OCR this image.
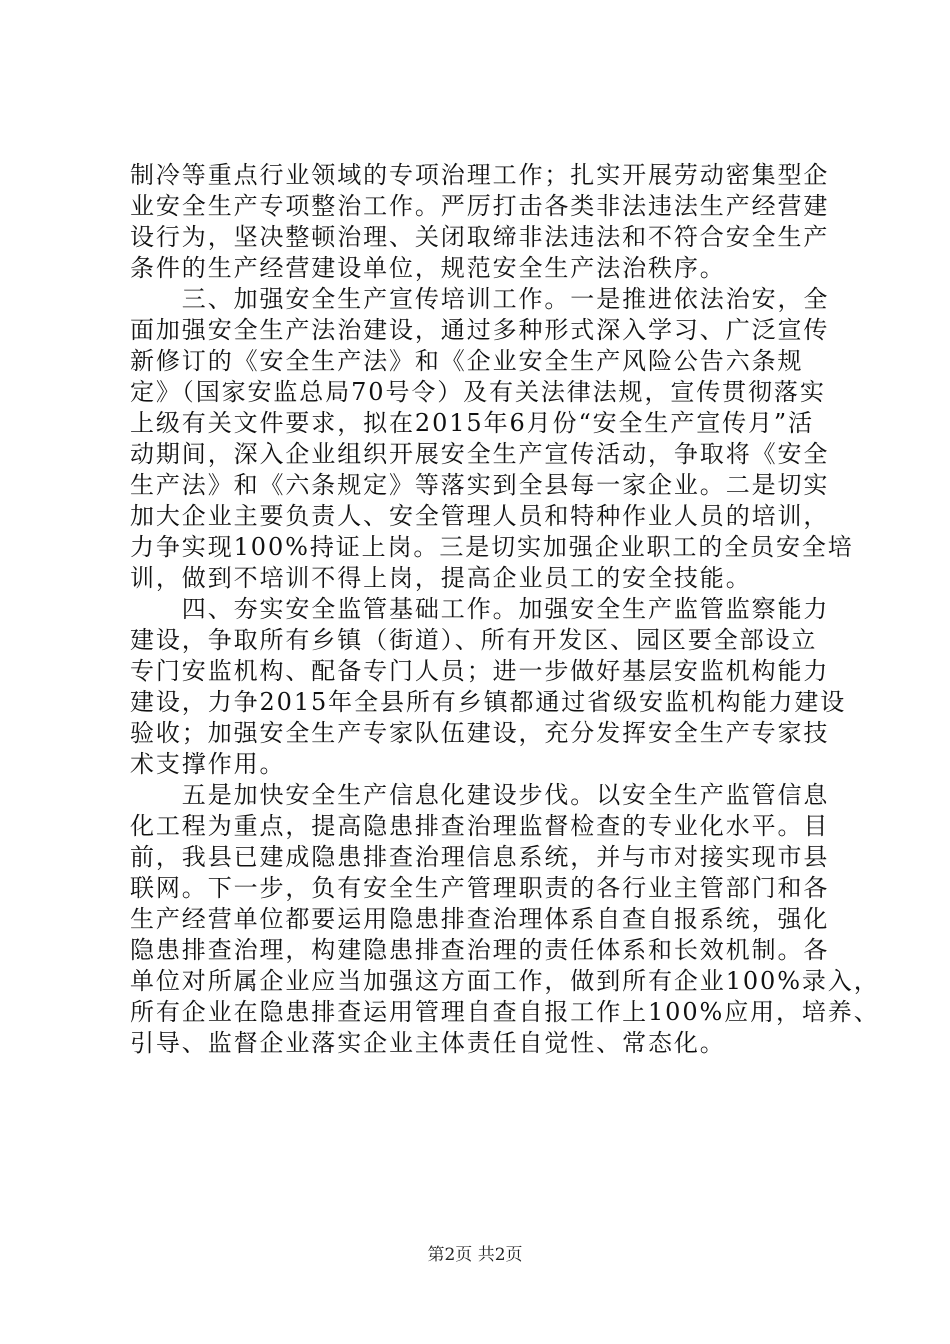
制冷等重点行业领域的专项治理工作；扎实开展劳动密集型企
业安全生产专项整治工作。严厉打击各类非法违法生产经营建
设行为，坚决整顿治理、关闭取缔非法违法和不符合安全生产
条件的生产经营建设单位，规范安全生产法治秩序。
　　三、加强安全生产宣传培训工作。一是推进依法治安，全
面加强安全生产法治建设，通过多种形式深入学习、广泛宣传
新修订的《安全生产法》和《企业安全生产风险公告六条规
定》（国家安监总局70号令）及有关法律法规，宣传贯彻落实
上级有关文件要求，拟在2015年6月份“安全生产宣传月”活
动期间，深入企业组织开展安全生产宣传活动，争取将《安全
生产法》和《六条规定》等落实到全县每一家企业。二是切实
加大企业主要负责人、安全管理人员和特种作业人员的培训，
力争实现100%持证上岗。三是切实加强企业职工的全员安全培
训，做到不培训不得上岗，提高企业员工的安全技能。
　　四、夯实安全监管基础工作。加强安全生产监管监察能力
建设，争取所有乡镇（街道）、所有开发区、园区要全部设立
专门安监机构、配备专门人员；进一步做好基层安监机构能力
建设，力争2015年全县所有乡镇都通过省级安监机构能力建设
验收；加强安全生产专家队伍建设，充分发挥安全生产专家技
术支撑作用。
　　五是加快安全生产信息化建设步伐。以安全生产监管信息
化工程为重点，提高隐患排查治理监督检查的专业化水平。目
前，我县已建成隐患排查治理信息系统，并与市对接实现市县
联网。下一步，负有安全生产管理职责的各行业主管部门和各
生产经营单位都要运用隐患排查治理体系自查自报系统，强化
隐患排查治理，构建隐患排查治理的责任体系和长效机制。各
单位对所属企业应当加强这方面工作，做到所有企业100%录入，
所有企业在隐患排查运用管理自查自报工作上100%应用，培养、
引导、监督企业落实企业主体责任自觉性、常态化。
第2页 共2页
